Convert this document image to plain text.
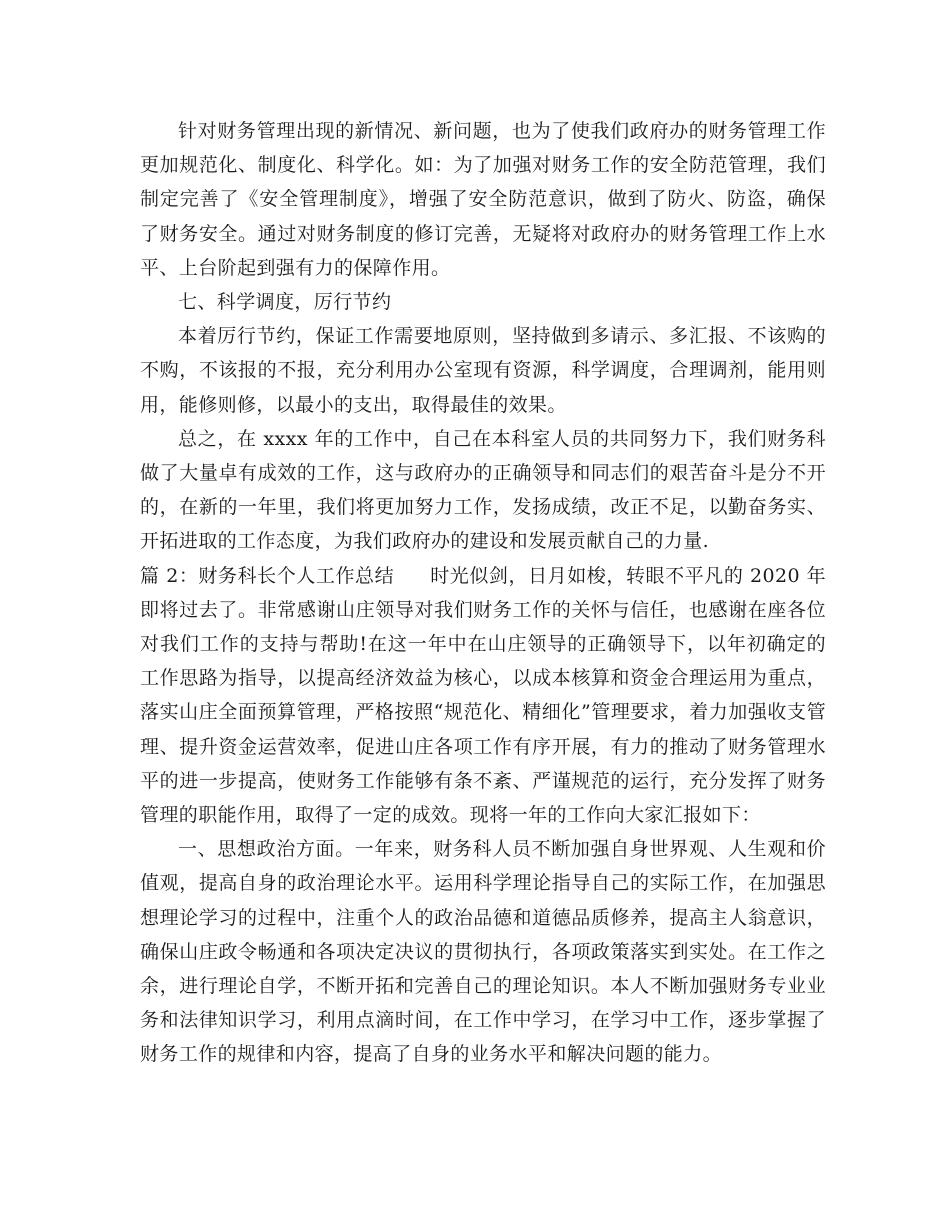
针对财务管理出现的新情况、新问题，也为了使我们政府办的财务管理工作更加规范化、制度化、科学化。如：为了加强对财务工作的安全防范管理，我们制定完善了《安全管理制度》，增强了安全防范意识，做到了防火、防盗，确保了财务安全。通过对财务制度的修订完善，无疑将对政府办的财务管理工作上水平、上台阶起到强有力的保障作用。

七、科学调度，厉行节约

本着厉行节约，保证工作需要地原则，坚持做到多请示、多汇报、不该购的不购，不该报的不报，充分利用办公室现有资源，科学调度，合理调剂，能用则用，能修则修，以最小的支出，取得最佳的效果。

总之，在 xxxx 年的工作中，自己在本科室人员的共同努力下，我们财务科做了大量卓有成效的工作，这与政府办的正确领导和同志们的艰苦奋斗是分不开的，在新的一年里，我们将更加努力工作，发扬成绩，改正不足，以勤奋务实、开拓进取的工作态度，为我们政府办的建设和发展贡献自己的力量.

篇 2：财务科长个人工作总结 时光似剑，日月如梭，转眼不平凡的 2020 年即将过去了。非常感谢山庄领导对我们财务工作的关怀与信任，也感谢在座各位对我们工作的支持与帮助!在这一年中在山庄领导的正确领导下，以年初确定的工作思路为指导，以提高经济效益为核心，以成本核算和资金合理运用为重点，落实山庄全面预算管理，严格按照“规范化、精细化”管理要求，着力加强收支管理、提升资金运营效率，促进山庄各项工作有序开展，有力的推动了财务管理水平的进一步提高，使财务工作能够有条不紊、严谨规范的运行，充分发挥了财务管理的职能作用，取得了一定的成效。现将一年的工作向大家汇报如下：

一、思想政治方面。一年来，财务科人员不断加强自身世界观、人生观和价值观，提高自身的政治理论水平。运用科学理论指导自己的实际工作，在加强思想理论学习的过程中，注重个人的政治品德和道德品质修养，提高主人翁意识，确保山庄政令畅通和各项决定决议的贯彻执行，各项政策落实到实处。在工作之余，进行理论自学，不断开拓和完善自己的理论知识。本人不断加强财务专业业务和法律知识学习，利用点滴时间，在工作中学习，在学习中工作，逐步掌握了财务工作的规律和内容，提高了自身的业务水平和解决问题的能力。
